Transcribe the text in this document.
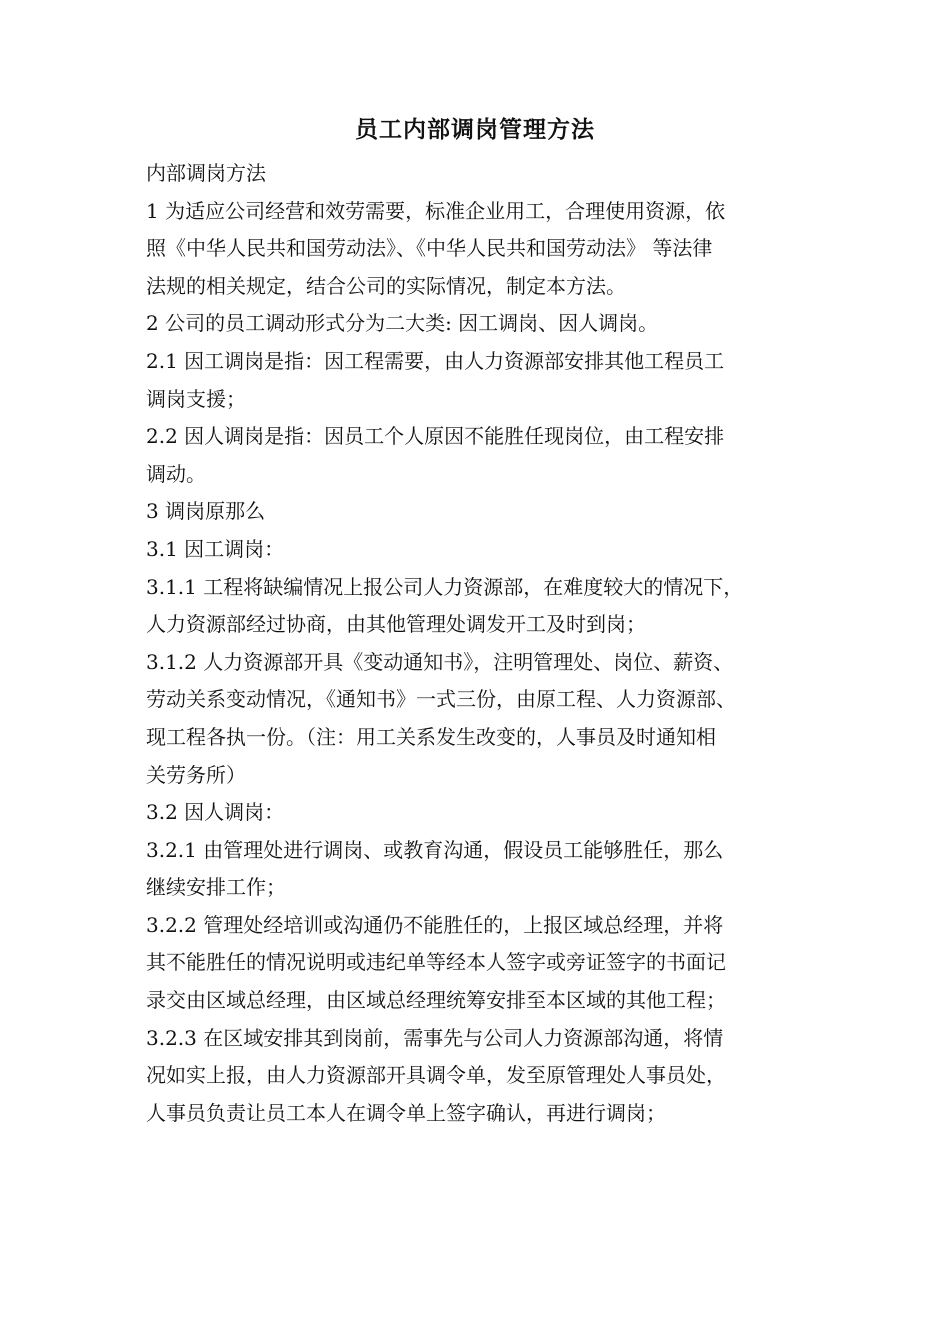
员工内部调岗管理方法
内部调岗方法
1 为适应公司经营和效劳需要，标准企业用工，合理使用资源，依
照《中华人民共和国劳动法》、《中华人民共和国劳动法》 等法律
法规的相关规定，结合公司的实际情况，制定本方法。
2 公司的员工调动形式分为二大类: 因工调岗、因人调岗。
2.1 因工调岗是指：因工程需要，由人力资源部安排其他工程员工
调岗支援；
2.2 因人调岗是指：因员工个人原因不能胜任现岗位，由工程安排
调动。
3 调岗原那么
3.1 因工调岗：
3.1.1 工程将缺编情况上报公司人力资源部，在难度较大的情况下，
人力资源部经过协商，由其他管理处调发开工及时到岗；
3.1.2 人力资源部开具《变动通知书》，注明管理处、岗位、薪资、
劳动关系变动情况，《通知书》一式三份，由原工程、人力资源部、
现工程各执一份。（注：用工关系发生改变的，人事员及时通知相
关劳务所）
3.2 因人调岗：
3.2.1 由管理处进行调岗、或教育沟通，假设员工能够胜任，那么
继续安排工作；
3.2.2 管理处经培训或沟通仍不能胜任的，上报区域总经理，并将
其不能胜任的情况说明或违纪单等经本人签字或旁证签字的书面记
录交由区域总经理，由区域总经理统筹安排至本区域的其他工程；
3.2.3 在区域安排其到岗前，需事先与公司人力资源部沟通，将情
况如实上报，由人力资源部开具调令单，发至原管理处人事员处，
人事员负责让员工本人在调令单上签字确认，再进行调岗；
